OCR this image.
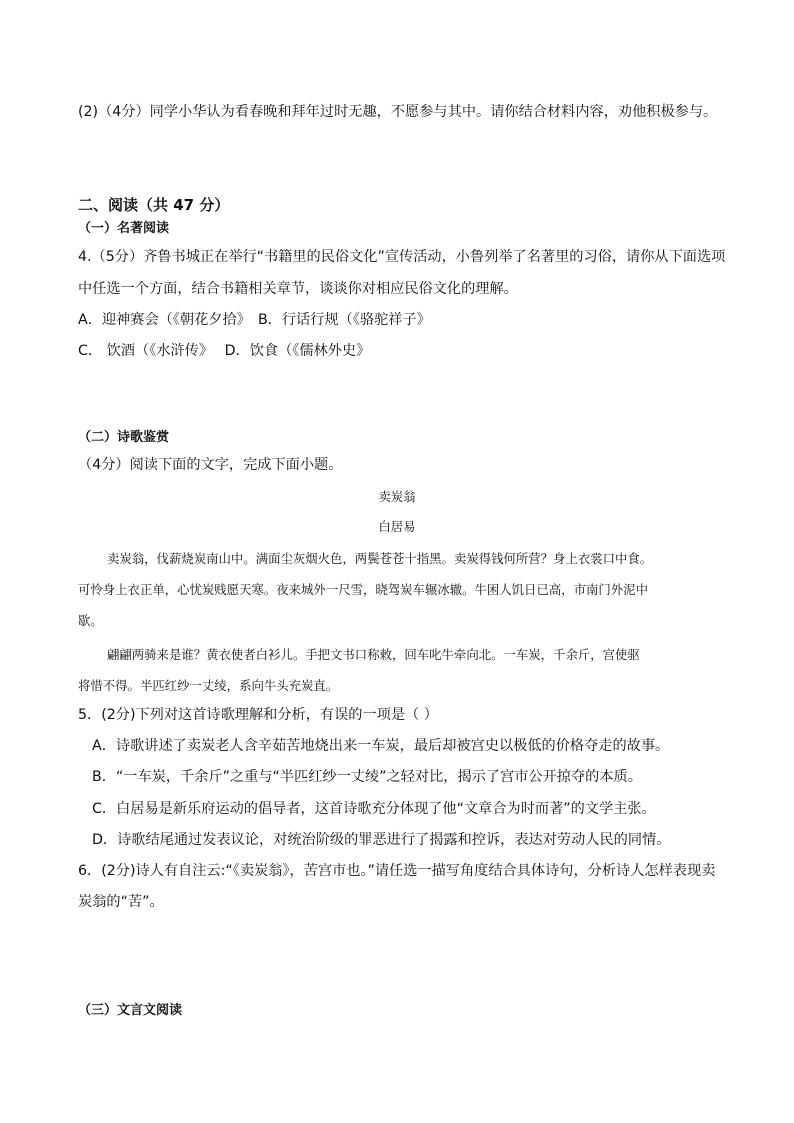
(2)（4分）同学小华认为看春晚和拜年过时无趣，不愿参与其中。请你结合材料内容，劝他积极参与。
二、阅读（共 47 分）
（一）名著阅读
4.（5分）齐鲁书城正在举行“书籍里的民俗文化”宣传活动，小鲁列举了名著里的习俗，请你从下面选项
中任选一个方面，结合书籍相关章节，谈谈你对相应民俗文化的理解。
A．迎神赛会（《朝花夕拾》　B．行话行规（《骆驼祥子》
C． 饮酒（《水浒传》　 D．饮食（《儒林外史》
（二）诗歌鉴赏
（4分）阅读下面的文字，完成下面小题。
卖炭翁
白居易
卖炭翁，伐薪烧炭南山中。满面尘灰烟火色，两鬓苍苍十指黑。卖炭得钱何所营？身上衣裳口中食。
可怜身上衣正单，心忧炭贱愿天寒。夜来城外一尺雪，晓驾炭车辗冰辙。牛困人饥日已高，市南门外泥中
歇。
翩翩两骑来是谁？黄衣使者白衫儿。手把文书口称敕，回车叱牛牵向北。一车炭，千余斤，宫使驱
将惜不得。半匹红纱一丈绫，系向牛头充炭直。
5．(2分)下列对这首诗歌理解和分析，有误的一项是（ ）
A．诗歌讲述了卖炭老人含辛茹苦地烧出来一车炭，最后却被宫史以极低的价格夺走的故事。
B．“一车炭，千余斤”之重与“半匹红纱一丈绫”之轻对比，揭示了宫市公开掠夺的本质。
C．白居易是新乐府运动的倡导者，这首诗歌充分体现了他“文章合为时而著”的文学主张。
D．诗歌结尾通过发表议论，对统治阶级的罪恶进行了揭露和控诉，表达对劳动人民的同情。
6．(2分)诗人有自注云:“《卖炭翁》，苦宫市也。”请任选一描写角度结合具体诗句，分析诗人怎样表现卖
炭翁的“苦”。
（三）文言文阅读
